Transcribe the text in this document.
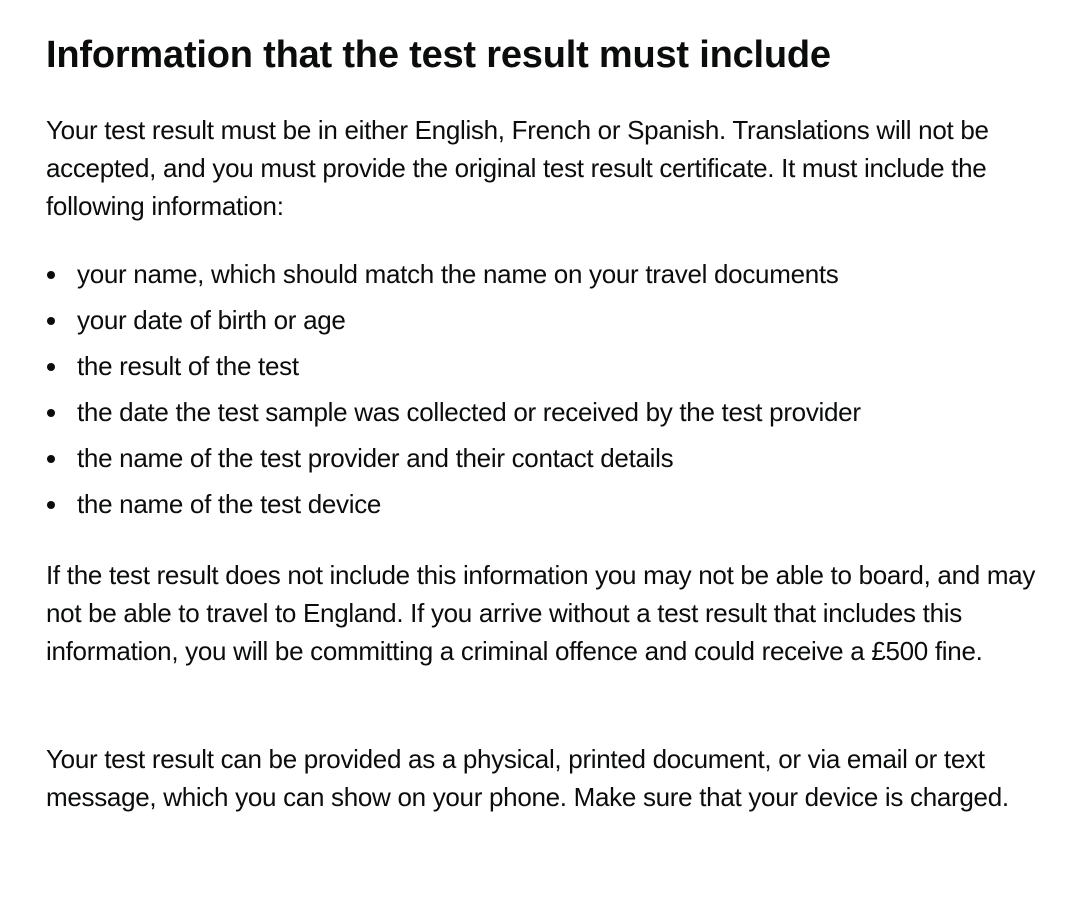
Information that the test result must include

Your test result must be in either English, French or Spanish. Translations will not be accepted, and you must provide the original test result certificate. It must include the following information:

your name, which should match the name on your travel documents
your date of birth or age
the result of the test
the date the test sample was collected or received by the test provider
the name of the test provider and their contact details
the name of the test device

If the test result does not include this information you may not be able to board, and may not be able to travel to England. If you arrive without a test result that includes this information, you will be committing a criminal offence and could receive a £500 fine.

Your test result can be provided as a physical, printed document, or via email or text message, which you can show on your phone. Make sure that your device is charged.
